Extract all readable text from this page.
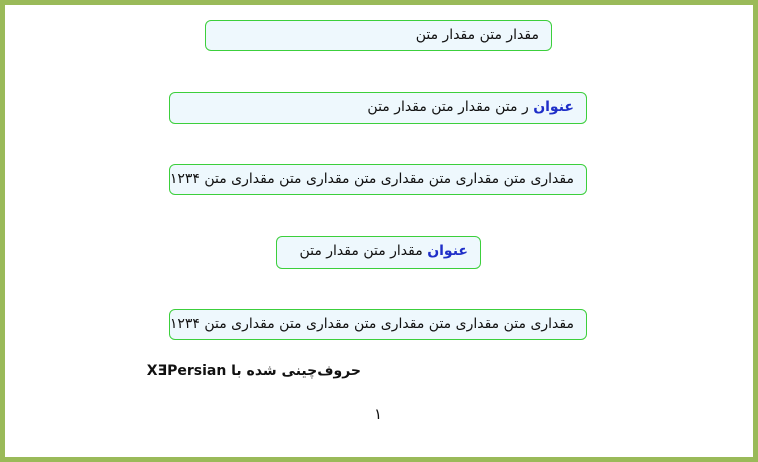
مقدار متن مقدار متن
عنوان ر متن مقدار متن مقدار متن
مقداری متن مقداری متن مقداری متن مقداری متن مقداری متن ۱۲۳۴
عنوان مقدار متن مقدار متن
مقداری متن مقداری متن مقداری متن مقداری متن مقداری متن ۱۲۳۴
حروف‌چینی شده با XƎPersian
۱
